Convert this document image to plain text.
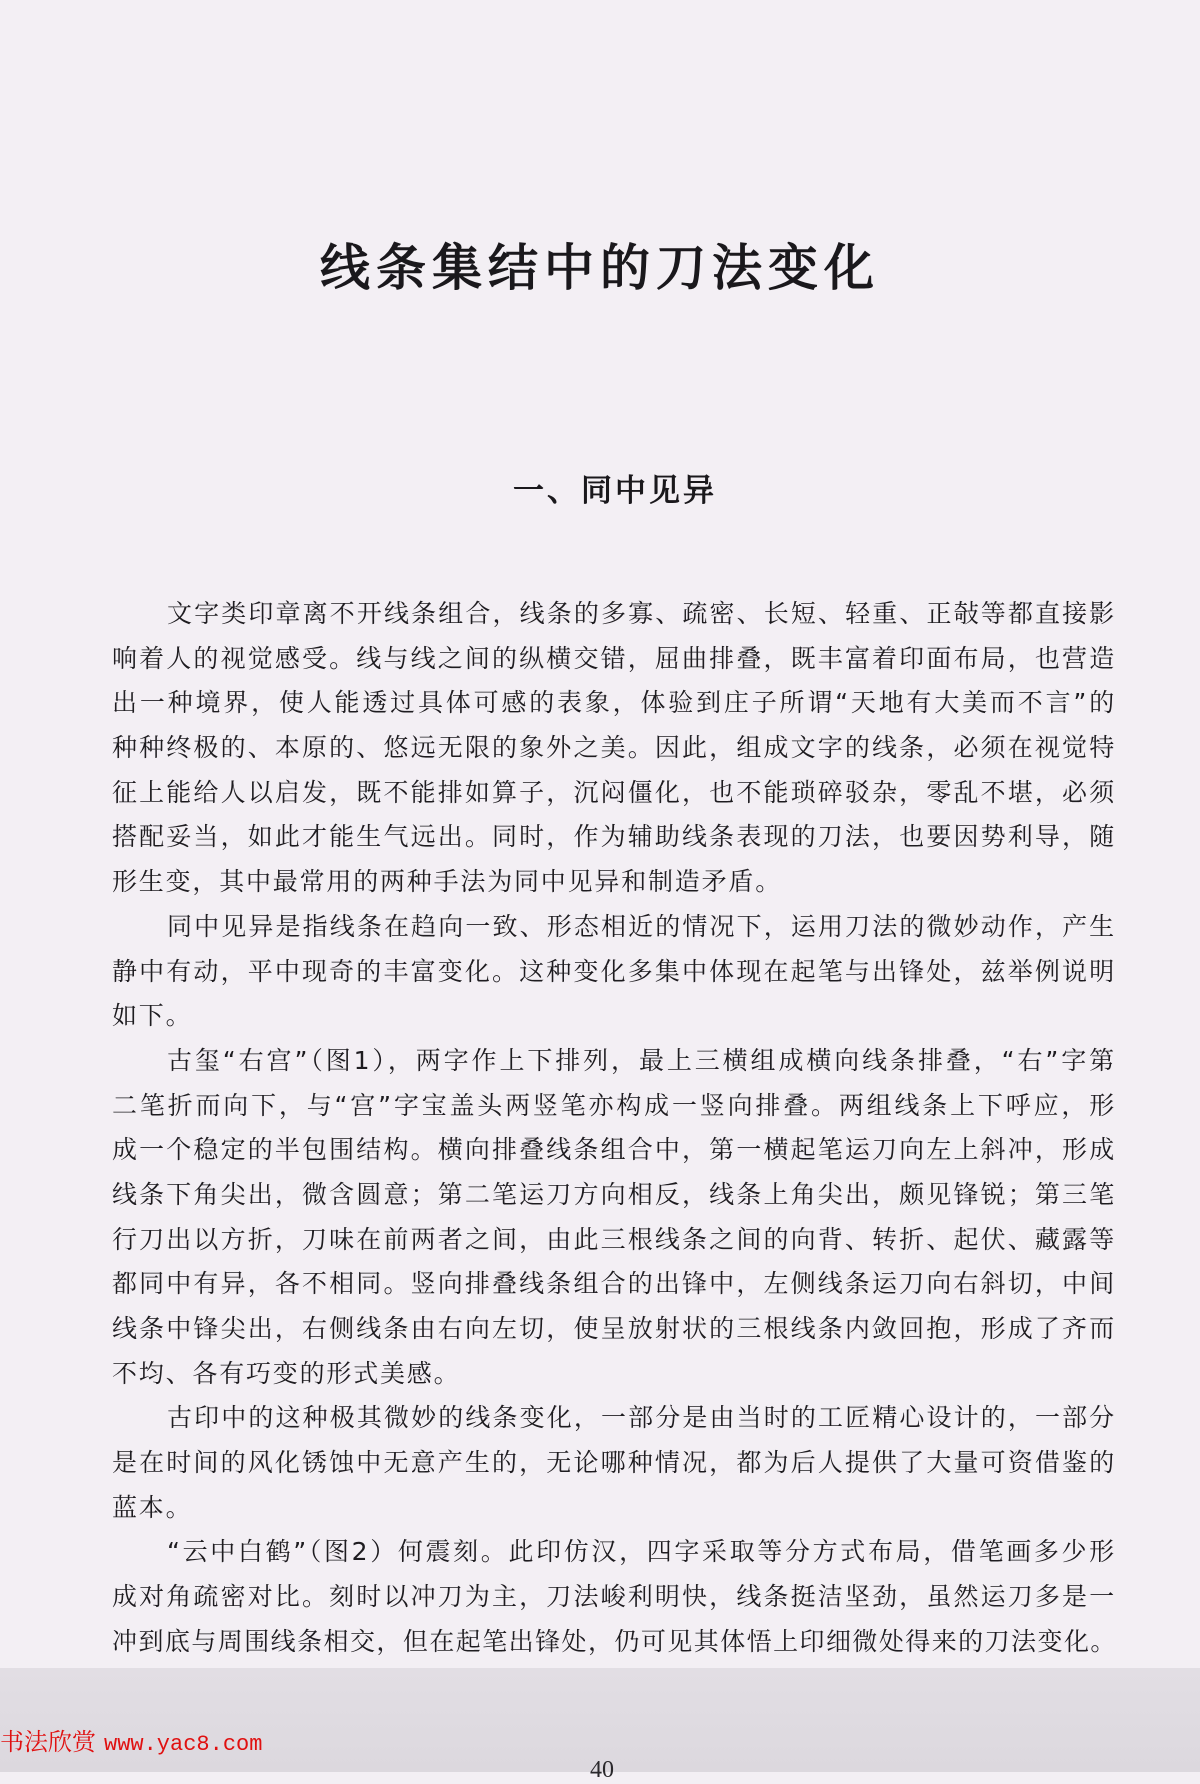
线条集结中的刀法变化
一、同中见异
文字类印章离不开线条组合，线条的多寡、疏密、长短、轻重、正敧等都直接影
响着人的视觉感受。线与线之间的纵横交错，屈曲排叠，既丰富着印面布局，也营造
出一种境界，使人能透过具体可感的表象，体验到庄子所谓“天地有大美而不言”的
种种终极的、本原的、悠远无限的象外之美。因此，组成文字的线条，必须在视觉特
征上能给人以启发，既不能排如算子，沉闷僵化，也不能琐碎驳杂，零乱不堪，必须
搭配妥当，如此才能生气远出。同时，作为辅助线条表现的刀法，也要因势利导，随
形生变，其中最常用的两种手法为同中见异和制造矛盾。
同中见异是指线条在趋向一致、形态相近的情况下，运用刀法的微妙动作，产生
静中有动，平中现奇的丰富变化。这种变化多集中体现在起笔与出锋处，兹举例说明
如下。
古玺“右宫”（图1），两字作上下排列，最上三横组成横向线条排叠，“右”字第
二笔折而向下，与“宫”字宝盖头两竖笔亦构成一竖向排叠。两组线条上下呼应，形
成一个稳定的半包围结构。横向排叠线条组合中，第一横起笔运刀向左上斜冲，形成
线条下角尖出，微含圆意；第二笔运刀方向相反，线条上角尖出，颇见锋锐；第三笔
行刀出以方折，刀味在前两者之间，由此三根线条之间的向背、转折、起伏、藏露等
都同中有异，各不相同。竖向排叠线条组合的出锋中，左侧线条运刀向右斜切，中间
线条中锋尖出，右侧线条由右向左切，使呈放射状的三根线条内敛回抱，形成了齐而
不均、各有巧变的形式美感。
古印中的这种极其微妙的线条变化，一部分是由当时的工匠精心设计的，一部分
是在时间的风化锈蚀中无意产生的，无论哪种情况，都为后人提供了大量可资借鉴的
蓝本。
“云中白鹤”（图2）何震刻。此印仿汉，四字采取等分方式布局，借笔画多少形
成对角疏密对比。刻时以冲刀为主，刀法峻利明快，线条挺洁坚劲，虽然运刀多是一
冲到底与周围线条相交，但在起笔出锋处，仍可见其体悟上印细微处得来的刀法变化。
书法欣赏 www.yac8.com
40
